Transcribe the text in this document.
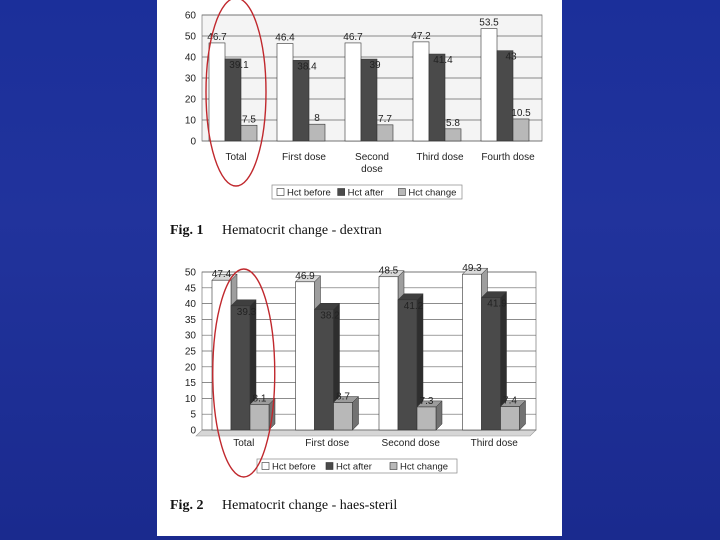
0
10
20
30
40
50
60
46.7
39.1
7.5
Total
46.4
38.4
8
First dose
46.7
39
7.7
Second
dose
47.2
41.4
5.8
Third dose
53.5
43
10.5
Fourth dose
Hct before Hct after	Hct change
Fig. 1 Hematocrit change - dextran
0
5
10
15
20
25
30
35
40
45
50 47.4
39.3
8.1
Total
46.9
38.2
8.7
First dose
48.5
41.2
7.3
Second dose
49.3
41.9
7.4
Third dose
Hct before Hct after	Hct change
Fig. 2 Hematocrit change - haes-steril
